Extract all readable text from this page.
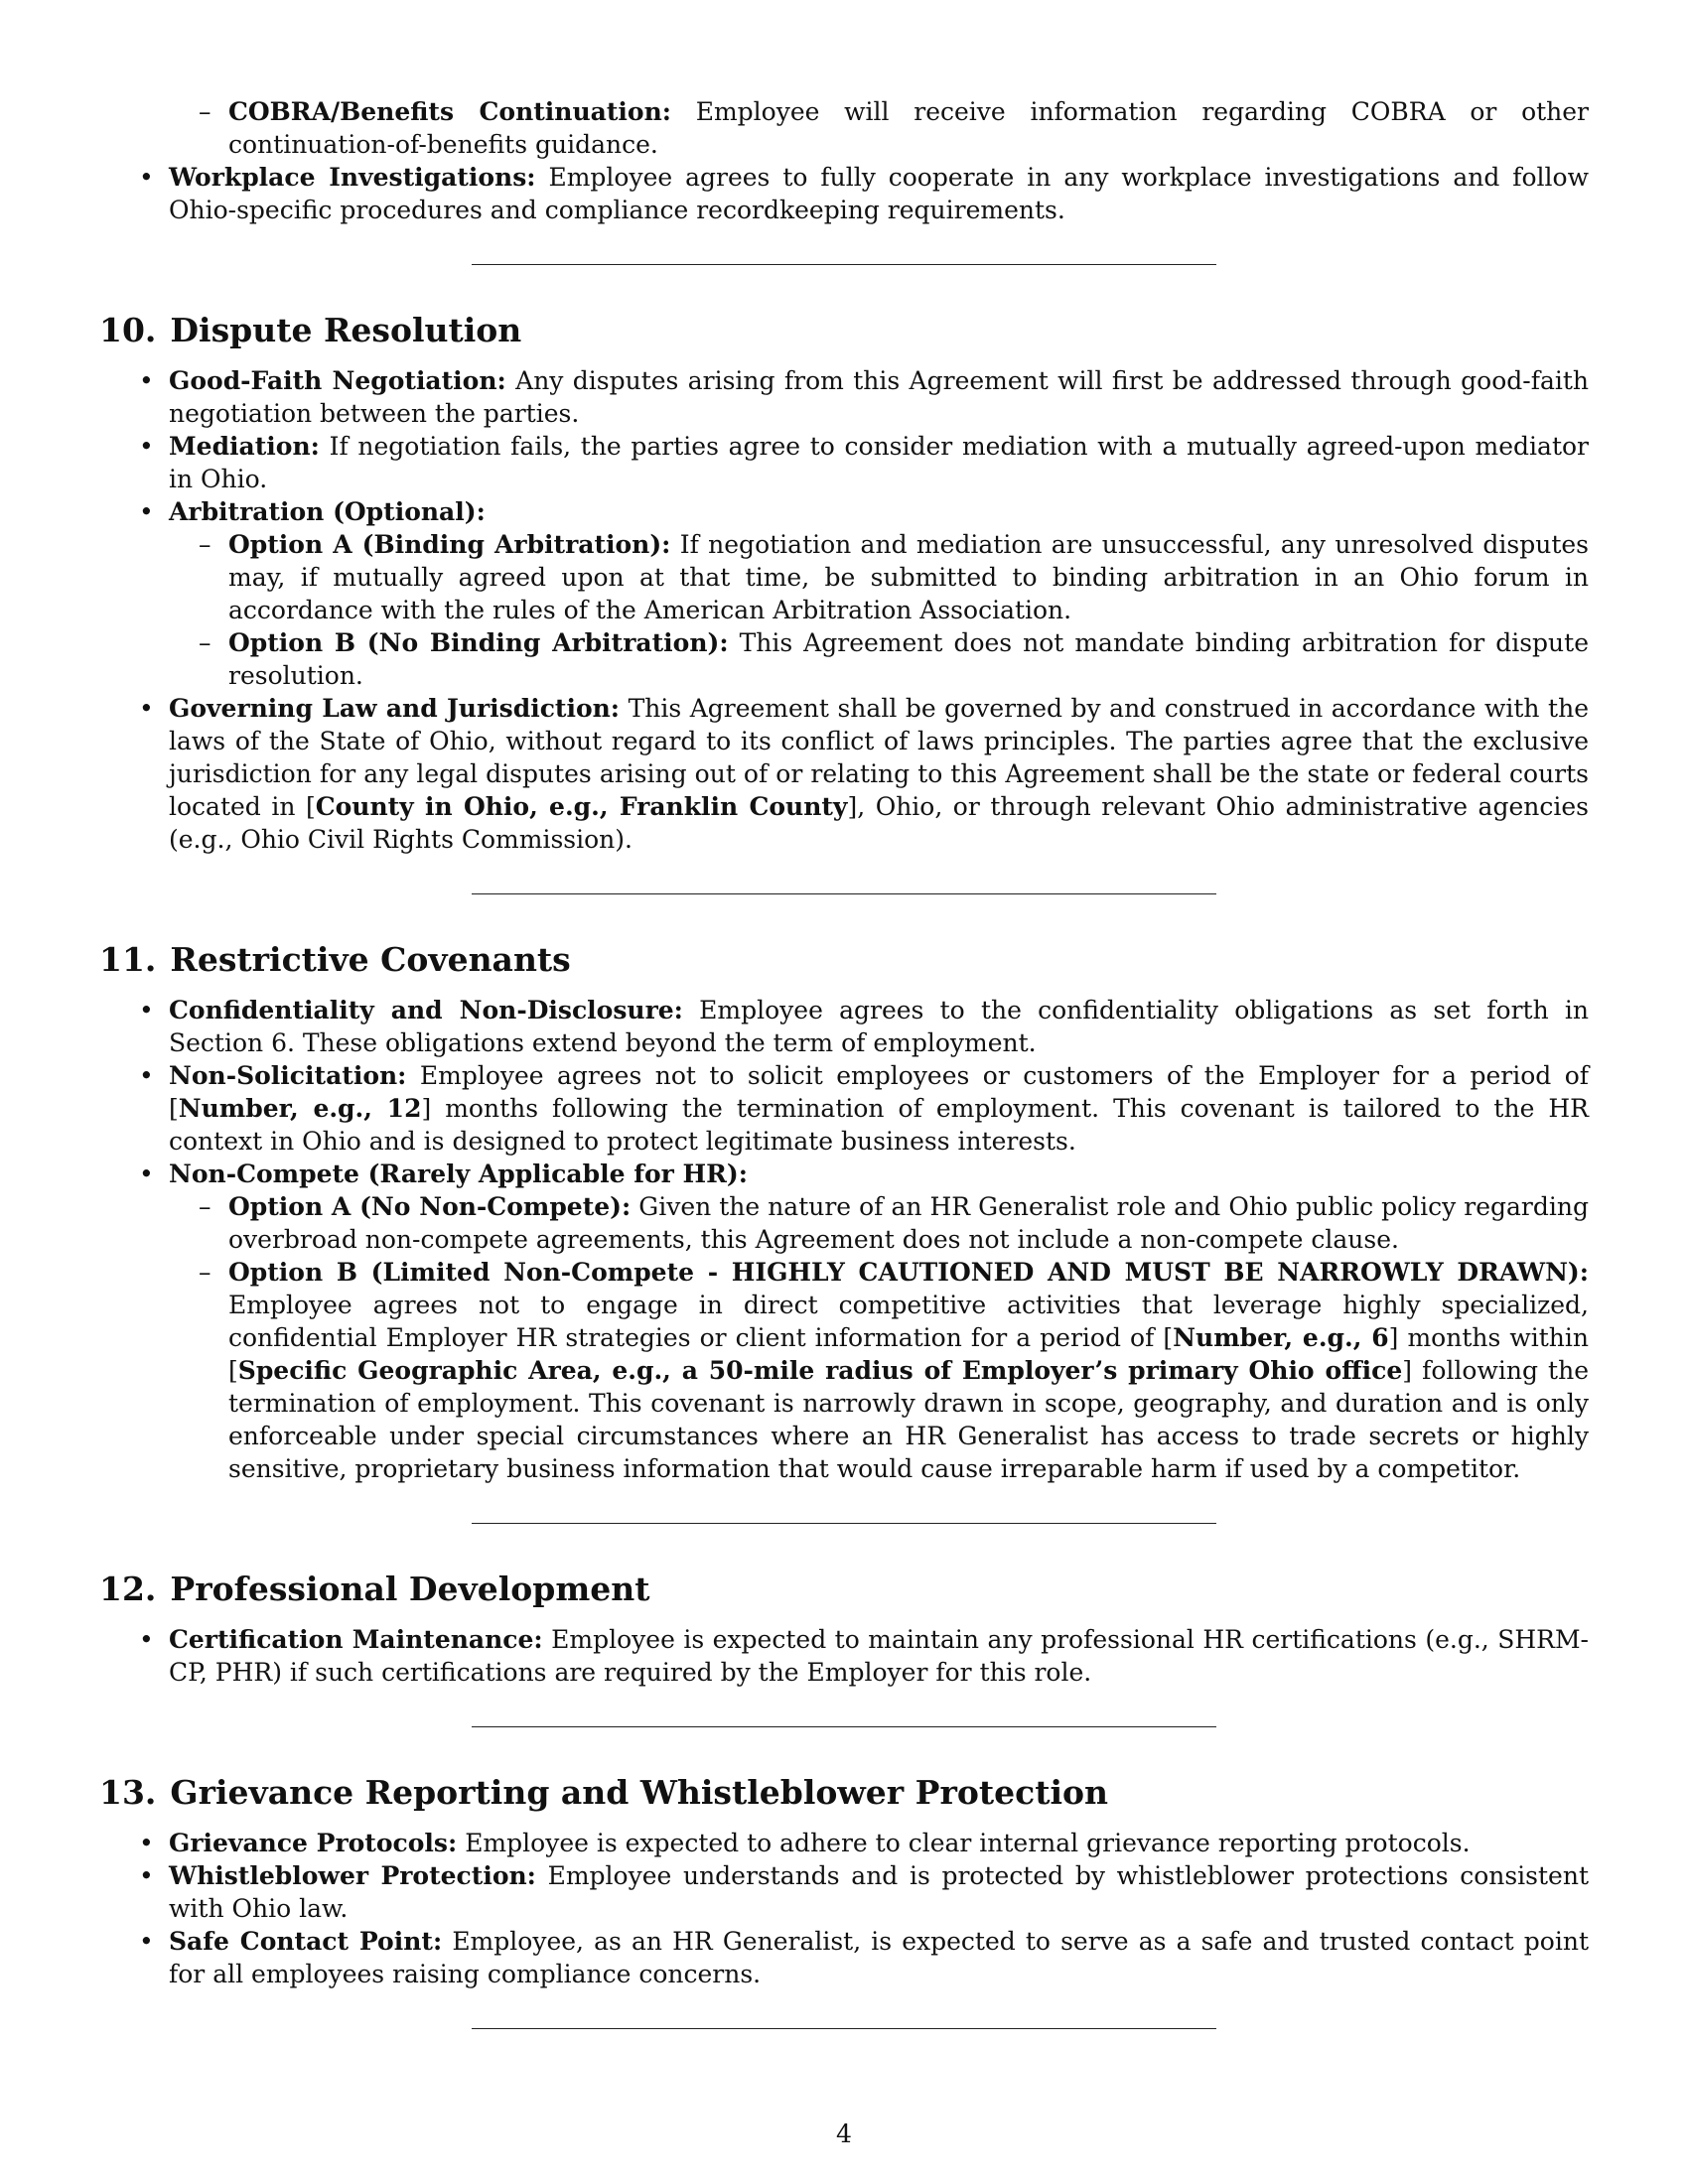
– COBRA/Benefits Continuation: Employee will receive information regarding COBRA or other continuation-of-benefits guidance.
• Workplace Investigations: Employee agrees to fully cooperate in any workplace investigations and follow Ohio-specific procedures and compliance recordkeeping requirements.
10. Dispute Resolution
• Good-Faith Negotiation: Any disputes arising from this Agreement will first be addressed through good-faith negotiation between the parties.
• Mediation: If negotiation fails, the parties agree to consider mediation with a mutually agreed-upon mediator in Ohio.
• Arbitration (Optional):
– Option A (Binding Arbitration): If negotiation and mediation are unsuccessful, any unresolved disputes may, if mutually agreed upon at that time, be submitted to binding arbitration in an Ohio forum in accordance with the rules of the American Arbitration Association.
– Option B (No Binding Arbitration): This Agreement does not mandate binding arbitration for dispute resolution.
• Governing Law and Jurisdiction: This Agreement shall be governed by and construed in accordance with the laws of the State of Ohio, without regard to its conflict of laws principles. The parties agree that the exclusive jurisdiction for any legal disputes arising out of or relating to this Agreement shall be the state or federal courts located in [County in Ohio, e.g., Franklin County], Ohio, or through relevant Ohio administrative agencies (e.g., Ohio Civil Rights Commission).
11. Restrictive Covenants
• Confidentiality and Non-Disclosure: Employee agrees to the confidentiality obligations as set forth in Section 6. These obligations extend beyond the term of employment.
• Non-Solicitation: Employee agrees not to solicit employees or customers of the Employer for a period of [Number, e.g., 12] months following the termination of employment. This covenant is tailored to the HR context in Ohio and is designed to protect legitimate business interests.
• Non-Compete (Rarely Applicable for HR):
– Option A (No Non-Compete): Given the nature of an HR Generalist role and Ohio public policy regarding overbroad non-compete agreements, this Agreement does not include a non-compete clause.
– Option B (Limited Non-Compete - HIGHLY CAUTIONED AND MUST BE NARROWLY DRAWN): Employee agrees not to engage in direct competitive activities that leverage highly specialized, confidential Employer HR strategies or client information for a period of [Number, e.g., 6] months within [Specific Geographic Area, e.g., a 50-mile radius of Employer’s primary Ohio office] following the termination of employment. This covenant is narrowly drawn in scope, geography, and duration and is only enforceable under special circumstances where an HR Generalist has access to trade secrets or highly sensitive, proprietary business information that would cause irreparable harm if used by a competitor.
12. Professional Development
• Certification Maintenance: Employee is expected to maintain any professional HR certifications (e.g., SHRM-CP, PHR) if such certifications are required by the Employer for this role.
13. Grievance Reporting and Whistleblower Protection
• Grievance Protocols: Employee is expected to adhere to clear internal grievance reporting protocols.
• Whistleblower Protection: Employee understands and is protected by whistleblower protections consistent with Ohio law.
• Safe Contact Point: Employee, as an HR Generalist, is expected to serve as a safe and trusted contact point for all employees raising compliance concerns.
4
